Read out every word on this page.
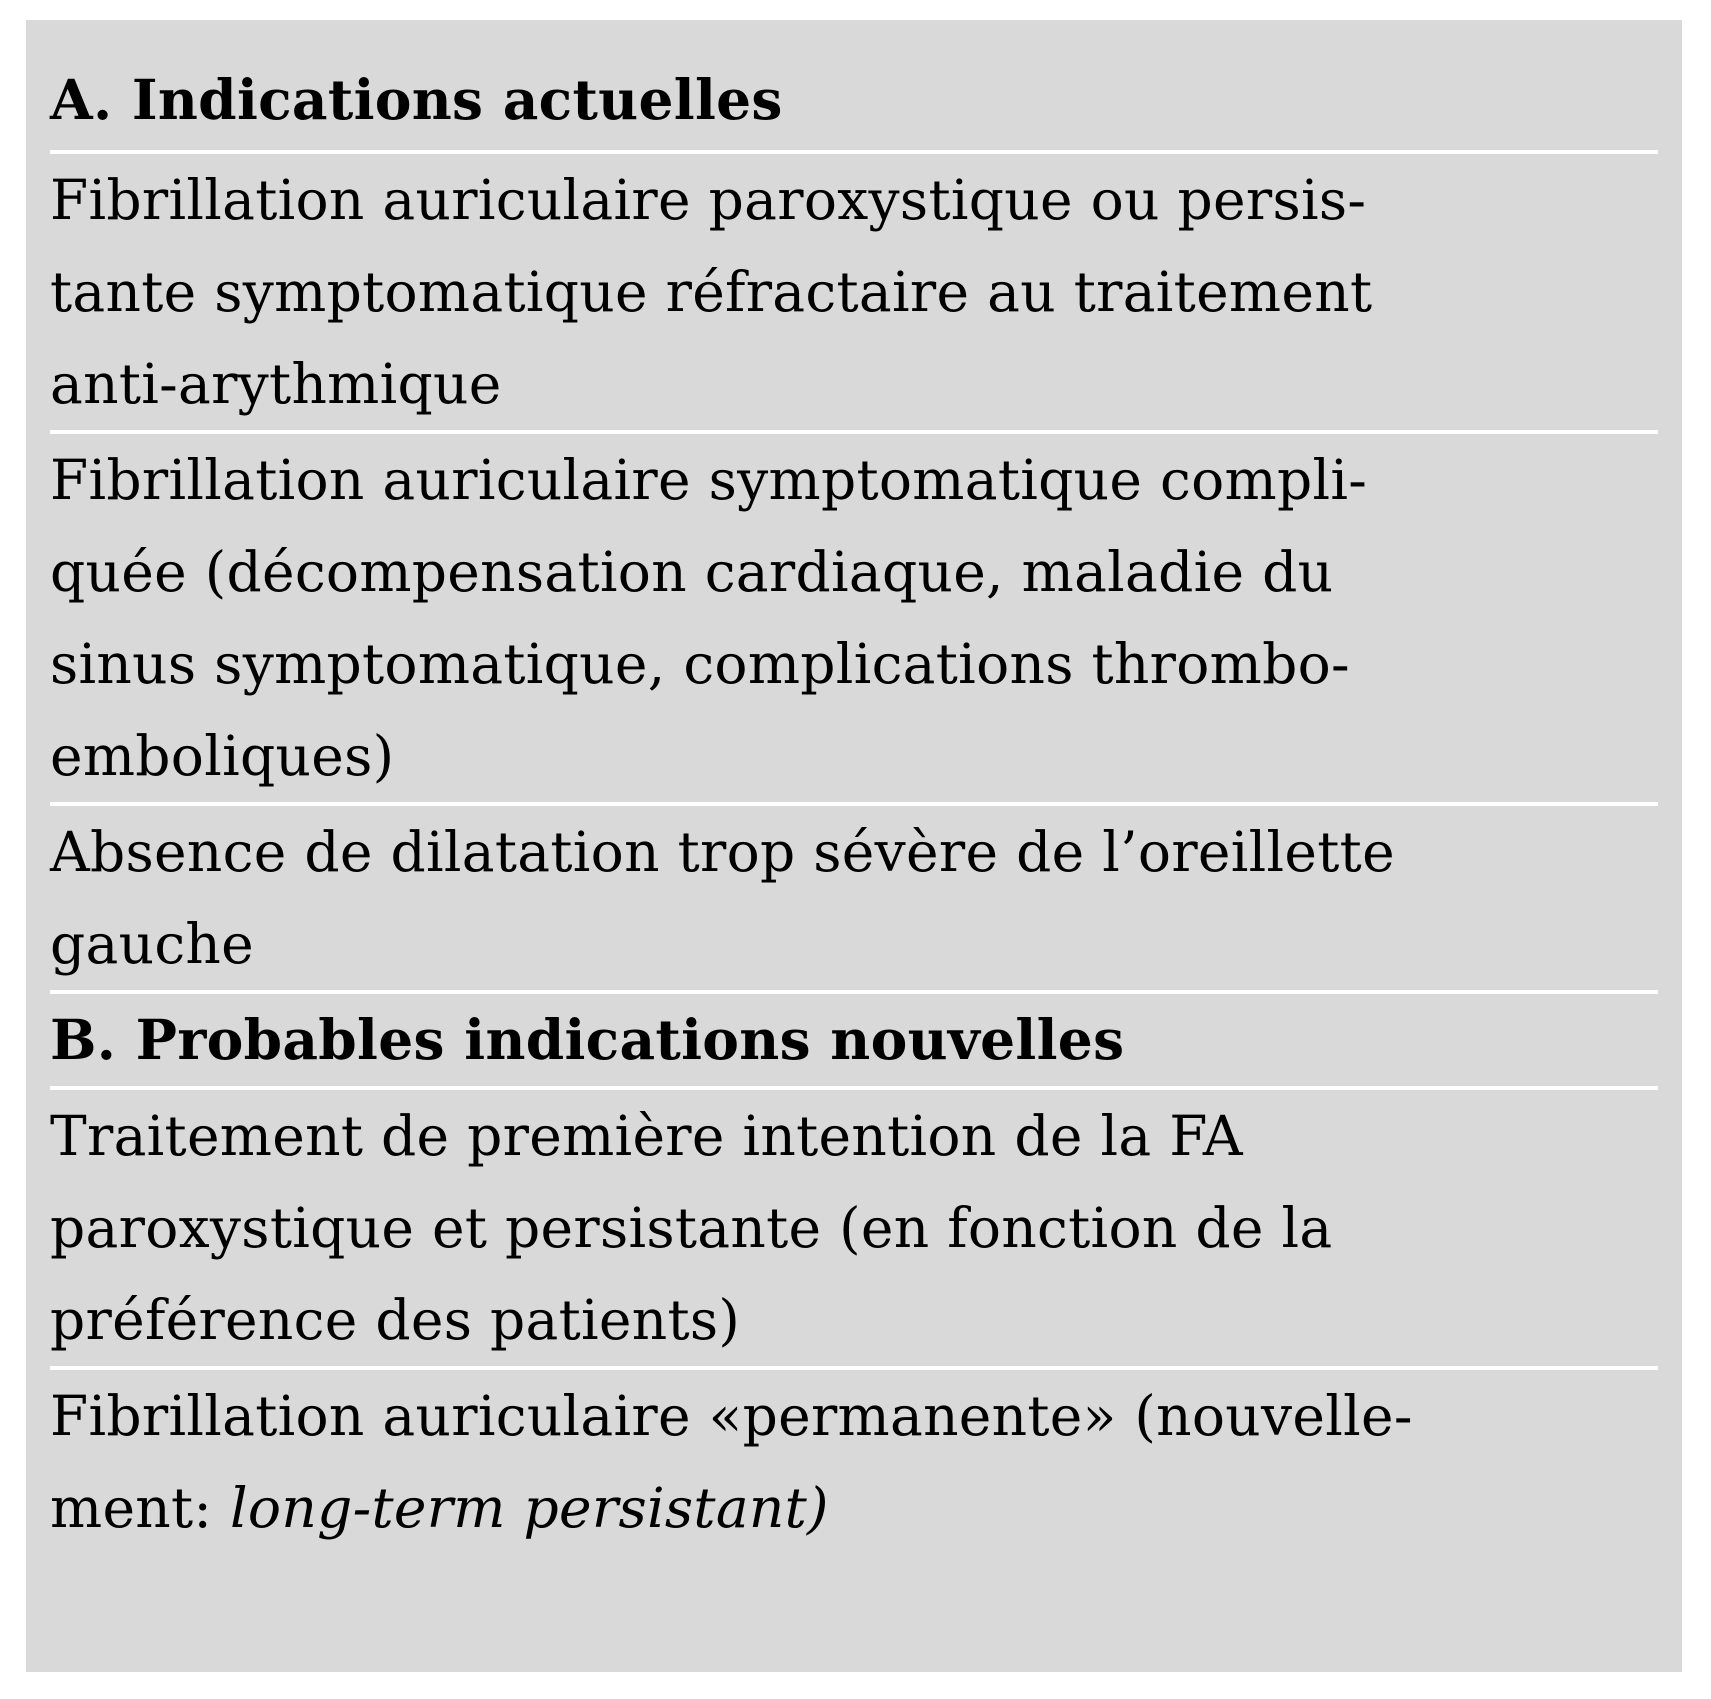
A. Indications actuelles
Fibrillation auriculaire paroxystique ou persis-
tante symptomatique réfractaire au traitement
anti-arythmique
Fibrillation auriculaire symptomatique compli-
quée (décompensation cardiaque, maladie du
sinus symptomatique, complications thrombo-
emboliques)
Absence de dilatation trop sévère de l’oreillette
gauche
B. Probables indications nouvelles
Traitement de première intention de la FA
paroxystique et persistante (en fonction de la
préférence des patients)
Fibrillation auriculaire «permanente» (nouvelle-
ment: long-term persistant)
